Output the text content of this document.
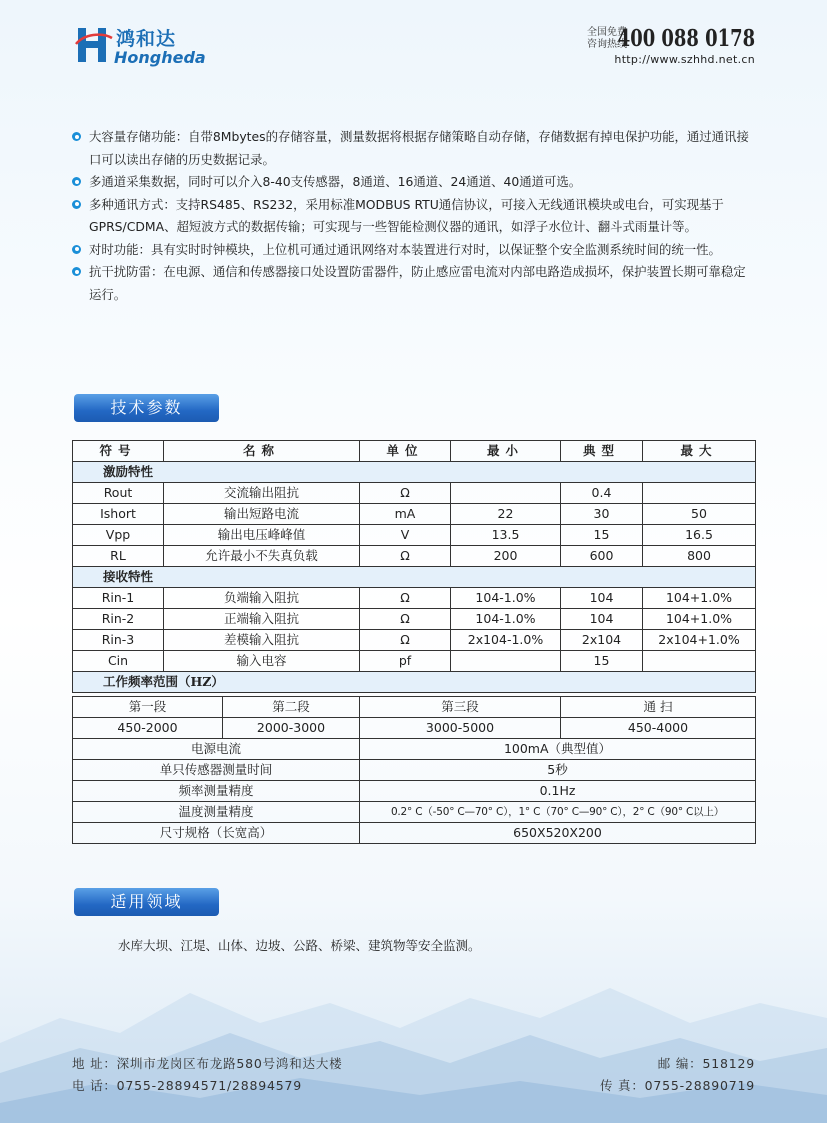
鸿和达
Hongheda
全国免费
咨询热线
400 088 0178
http://www.szhhd.net.cn
大容量存储功能：自带8Mbytes的存储容量，测量数据将根据存储策略自动存储，存储数据有掉电保护功能，通过通讯接口可以读出存储的历史数据记录。
多通道采集数据，同时可以介入8-40支传感器，8通道、16通道、24通道、40通道可选。
多种通讯方式：支持RS485、RS232，采用标准MODBUS RTU通信协议，可接入无线通讯模块或电台，可实现基于GPRS/CDMA、超短波方式的数据传输；可实现与一些智能检测仪器的通讯，如浮子水位计、翻斗式雨量计等。
对时功能：具有实时时钟模块，上位机可通过通讯网络对本装置进行对时，以保证整个安全监测系统时间的统一性。
抗干扰防雷：在电源、通信和传感器接口处设置防雷器件，防止感应雷电流对内部电路造成损坏，保护装置长期可靠稳定运行。
技术参数
符号	名称	单位	最小	典型	最大
激励特性					
Rout	交流输出阻抗	Ω		0.4	
Ishort	输出短路电流	mA	22	30	50
Vpp	输出电压峰峰值	V	13.5	15	16.5
RL	允许最小不失真负载	Ω	200	600	800
接收特性					
Rin-1	负端输入阻抗	Ω	104-1.0%	104	104+1.0%
Rin-2	正端输入阻抗	Ω	104-1.0%	104	104+1.0%
Rin-3	差模输入阻抗	Ω	2x104-1.0%	2x104	2x104+1.0%
Cin	输入电容	pf		15	
工作频率范围（HZ）					
第一段	第二段	第三段	通 扫
450-2000	2000-3000	3000-5000	450-4000
电源电流		100mA（典型值）	
单只传感器测量时间		5秒	
频率测量精度		0.1Hz	
温度测量精度		0.2° C（-50° C—70° C），1° C（70° C—90° C），2° C（90° C以上）	
尺寸规格（长宽高）		650X520X200	
适用领域
水库大坝、江堤、山体、边坡、公路、桥梁、建筑物等安全监测。
地 址：深圳市龙岗区布龙路580号鸿和达大楼
电 话：0755-28894571/28894579
邮 编：518129
传 真：0755-28890719
